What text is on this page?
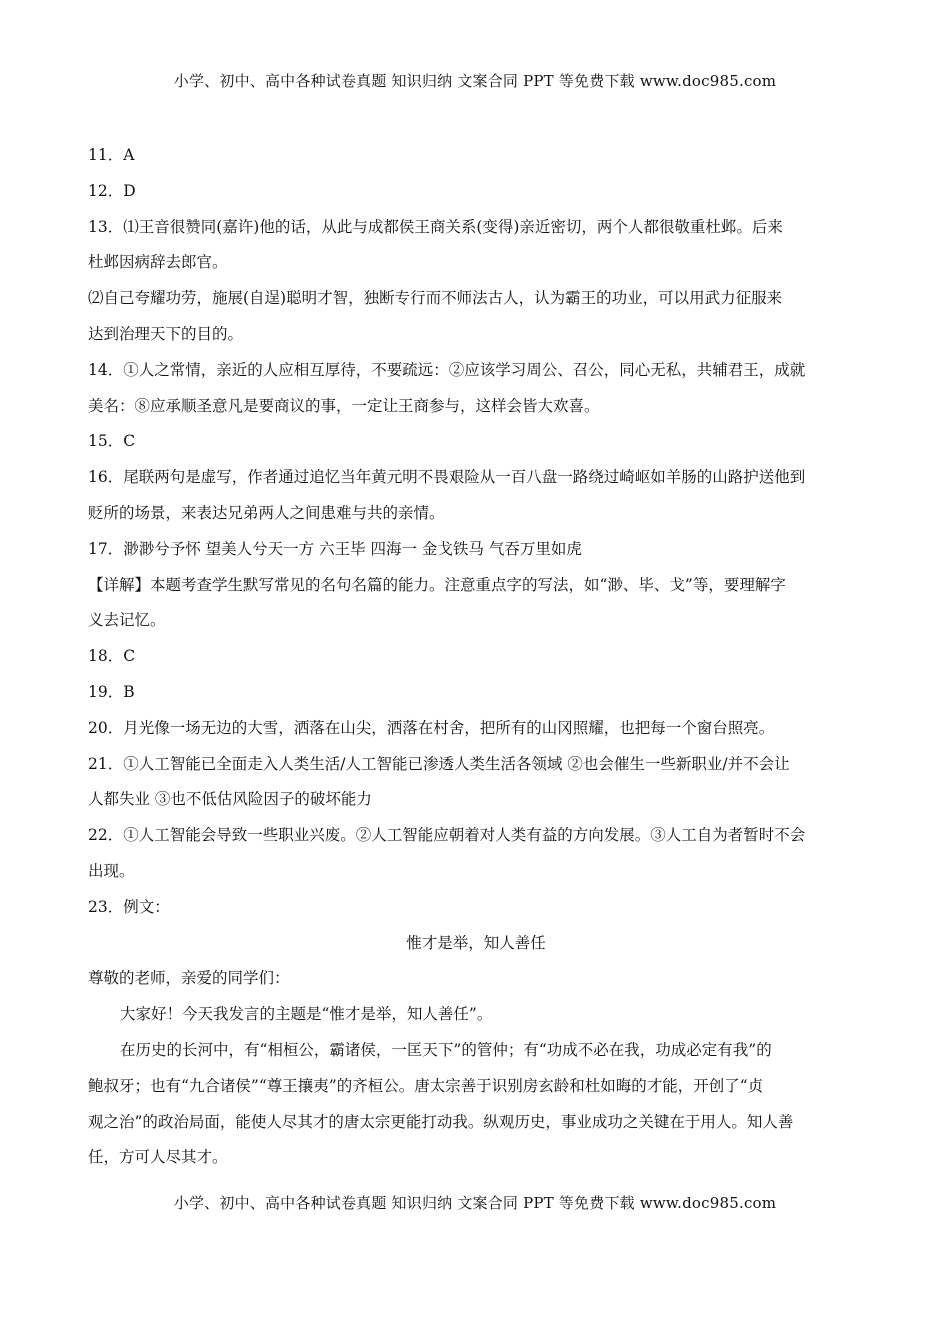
小学、初中、高中各种试卷真题 知识归纳 文案合同 PPT 等免费下载 www.doc985.com
11．A
12．D
13．⑴王音很赞同(嘉许)他的话，从此与成都侯王商关系(变得)亲近密切，两个人都很敬重杜邺。后来
杜邺因病辞去郎官。
⑵自己夸耀功劳，施展(自逞)聪明才智，独断专行而不师法古人，认为霸王的功业，可以用武力征服来
达到治理天下的目的。
14．①人之常情，亲近的人应相互厚待，不要疏远：②应该学习周公、召公，同心无私，共辅君王，成就
美名：⑧应承顺圣意凡是要商议的事，一定让王商参与，这样会皆大欢喜。
15．C
16．尾联两句是虚写，作者通过追忆当年黄元明不畏艰险从一百八盘一路绕过崎岖如羊肠的山路护送他到
贬所的场景，来表达兄弟两人之间患难与共的亲情。
17．渺渺兮予怀 望美人兮天一方 六王毕 四海一 金戈铁马 气吞万里如虎
【详解】本题考查学生默写常见的名句名篇的能力。注意重点字的写法，如“渺、毕、戈”等，要理解字
义去记忆。
18．C
19．B
20．月光像一场无边的大雪，洒落在山尖，洒落在村舍，把所有的山冈照耀，也把每一个窗台照亮。
21．①人工智能已全面走入人类生活/人工智能已渗透人类生活各领域 ②也会催生一些新职业/并不会让
人都失业 ③也不低估风险因子的破坏能力
22．①人工智能会导致一些职业兴废。②人工智能应朝着对人类有益的方向发展。③人工自为者暂时不会
出现。
23．例文：
惟才是举，知人善任
尊敬的老师，亲爱的同学们：
大家好！今天我发言的主题是“惟才是举，知人善任”。
在历史的长河中，有“相桓公，霸诸侯，一匡天下”的管仲；有“功成不必在我，功成必定有我”的
鲍叔牙；也有“九合诸侯”“尊王攘夷”的齐桓公。唐太宗善于识别房玄龄和杜如晦的才能，开创了“贞
观之治”的政治局面，能使人尽其才的唐太宗更能打动我。纵观历史，事业成功之关键在于用人。知人善
任，方可人尽其才。
小学、初中、高中各种试卷真题 知识归纳 文案合同 PPT 等免费下载 www.doc985.com
